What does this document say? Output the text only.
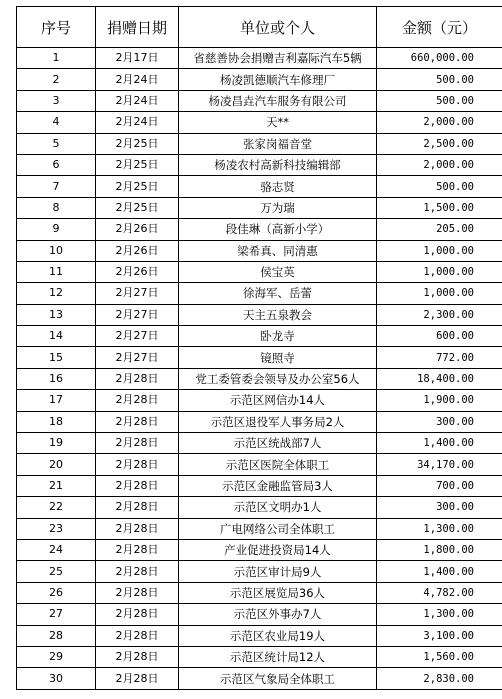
序号	捐赠日期	单位或个人	金额（元）
1	2月17日	省慈善协会捐赠吉利嘉际汽车5辆	660,000.00
2	2月24日	杨凌凯德顺汽车修理厂	500.00
3	2月24日	杨凌昌垚汽车服务有限公司	500.00
4	2月24日	天**	2,000.00
5	2月25日	张家岗福音堂	2,500.00
6	2月25日	杨凌农村高新科技编辑部	2,000.00
7	2月25日	骆志贤	500.00
8	2月25日	万为瑞	1,500.00
9	2月26日	段佳琳（高新小学）	205.00
10	2月26日	梁希真、同清惠	1,000.00
11	2月26日	侯宝英	1,000.00
12	2月27日	徐海军、岳蕾	1,000.00
13	2月27日	天主五泉教会	2,300.00
14	2月27日	卧龙寺	600.00
15	2月27日	镜照寺	772.00
16	2月28日	党工委管委会领导及办公室56人	18,400.00
17	2月28日	示范区网信办14人	1,900.00
18	2月28日	示范区退役军人事务局2人	300.00
19	2月28日	示范区统战部7人	1,400.00
20	2月28日	示范区医院全体职工	34,170.00
21	2月28日	示范区金融监管局3人	700.00
22	2月28日	示范区文明办1人	300.00
23	2月28日	广电网络公司全体职工	1,300.00
24	2月28日	产业促进投资局14人	1,800.00
25	2月28日	示范区审计局9人	1,400.00
26	2月28日	示范区展览局36人	4,782.00
27	2月28日	示范区外事办7人	1,300.00
28	2月28日	示范区农业局19人	3,100.00
29	2月28日	示范区统计局12人	1,560.00
30	2月28日	示范区气象局全体职工	2,830.00
